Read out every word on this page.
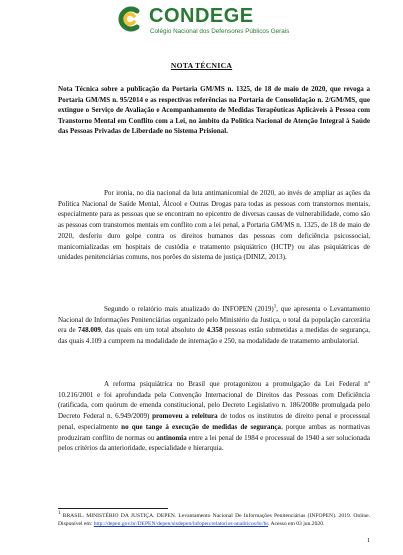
CONDEGE
Colégio Nacional dos Defensores Públicos Gerais
NOTA TÉCNICA
Nota Técnica sobre a publicação da Portaria GM/MS n. 1325, de 18 de maio de 2020, que revoga a Portaria GM/MS n. 95/2014 e as respectivas referências na Portaria de Consolidação n. 2/GM/MS, que extingue o Serviço de Avaliação e Acompanhamento de Medidas Terapêuticas Aplicáveis à Pessoa com Transtorno Mental em Conflito com a Lei, no âmbito da Política Nacional de Atenção Integral à Saúde das Pessoas Privadas de Liberdade no Sistema Prisional.
Por ironia, no dia nacional da luta antimanicomial de 2020, ao invés de ampliar as ações da Política Nacional de Saúde Mental, Álcool e Outras Drogas para todas as pessoas com transtornos mentais, especialmente para as pessoas que se encontram no epicentro de diversas causas de vulnerabilidade, como são as pessoas com transtornos mentais em conflito com a lei penal, a Portaria GM/MS n. 1325, de 18 de maio de 2020, desferiu duro golpe contra os direitos humanos das pessoas com deficiência psicossocial, manicomializadas em hospitais de custódia e tratamento psiquiátrico (HCTP) ou alas psiquiátricas de unidades penitenciárias comuns, nos porões do sistema de justiça (DINIZ, 2013).
Segundo o relatório mais atualizado do INFOPEN $(2019)^1$, que apresenta o Levantamento Nacional de Informações Penitenciárias organizado pelo Ministério da Justiça, o total da população carcerária era de 748.009, das quais em um total absoluto de 4.358 pessoas estão submetidas a medidas de segurança, das quais 4.109 a cumprem na modalidade de internação e 250, na modalidade de tratamento ambulatorial.
A reforma psiquiátrica no Brasil que protagonizou a promulgação da Lei Federal nº 10.216/2001 e foi aprofundada pela Convenção Internacional de Direitos das Pessoas com Deficiência (ratificada, com quórum de emenda constitucional, pelo Decreto Legislativo n. 186/2008e promulgada pelo Decreto Federal n. 6.949/2009) promoveu a releitura de todos os institutos de direito penal e processual penal, especialmente no que tange à execução de medidas de segurança, porque ambas as normativas produziram conflito de normas ou antinomia entre a lei penal de 1984 e processual de 1940 a ser solucionada pelos critérios da anterioridade, especialidade e hierarquia.
$^1$ BRASIL. MINISTÉRIO DA JUSTIÇA. DEPEN. Levantamento Nacional De Informações Penitenciárias (INFOPEN). 2019. Online. Disponível em: http://depen.gov.br/DEPEN/depen/sisdepen/infopen/relatorios-analiticos/br/br. Acesso em 03 jun.2020.
1
